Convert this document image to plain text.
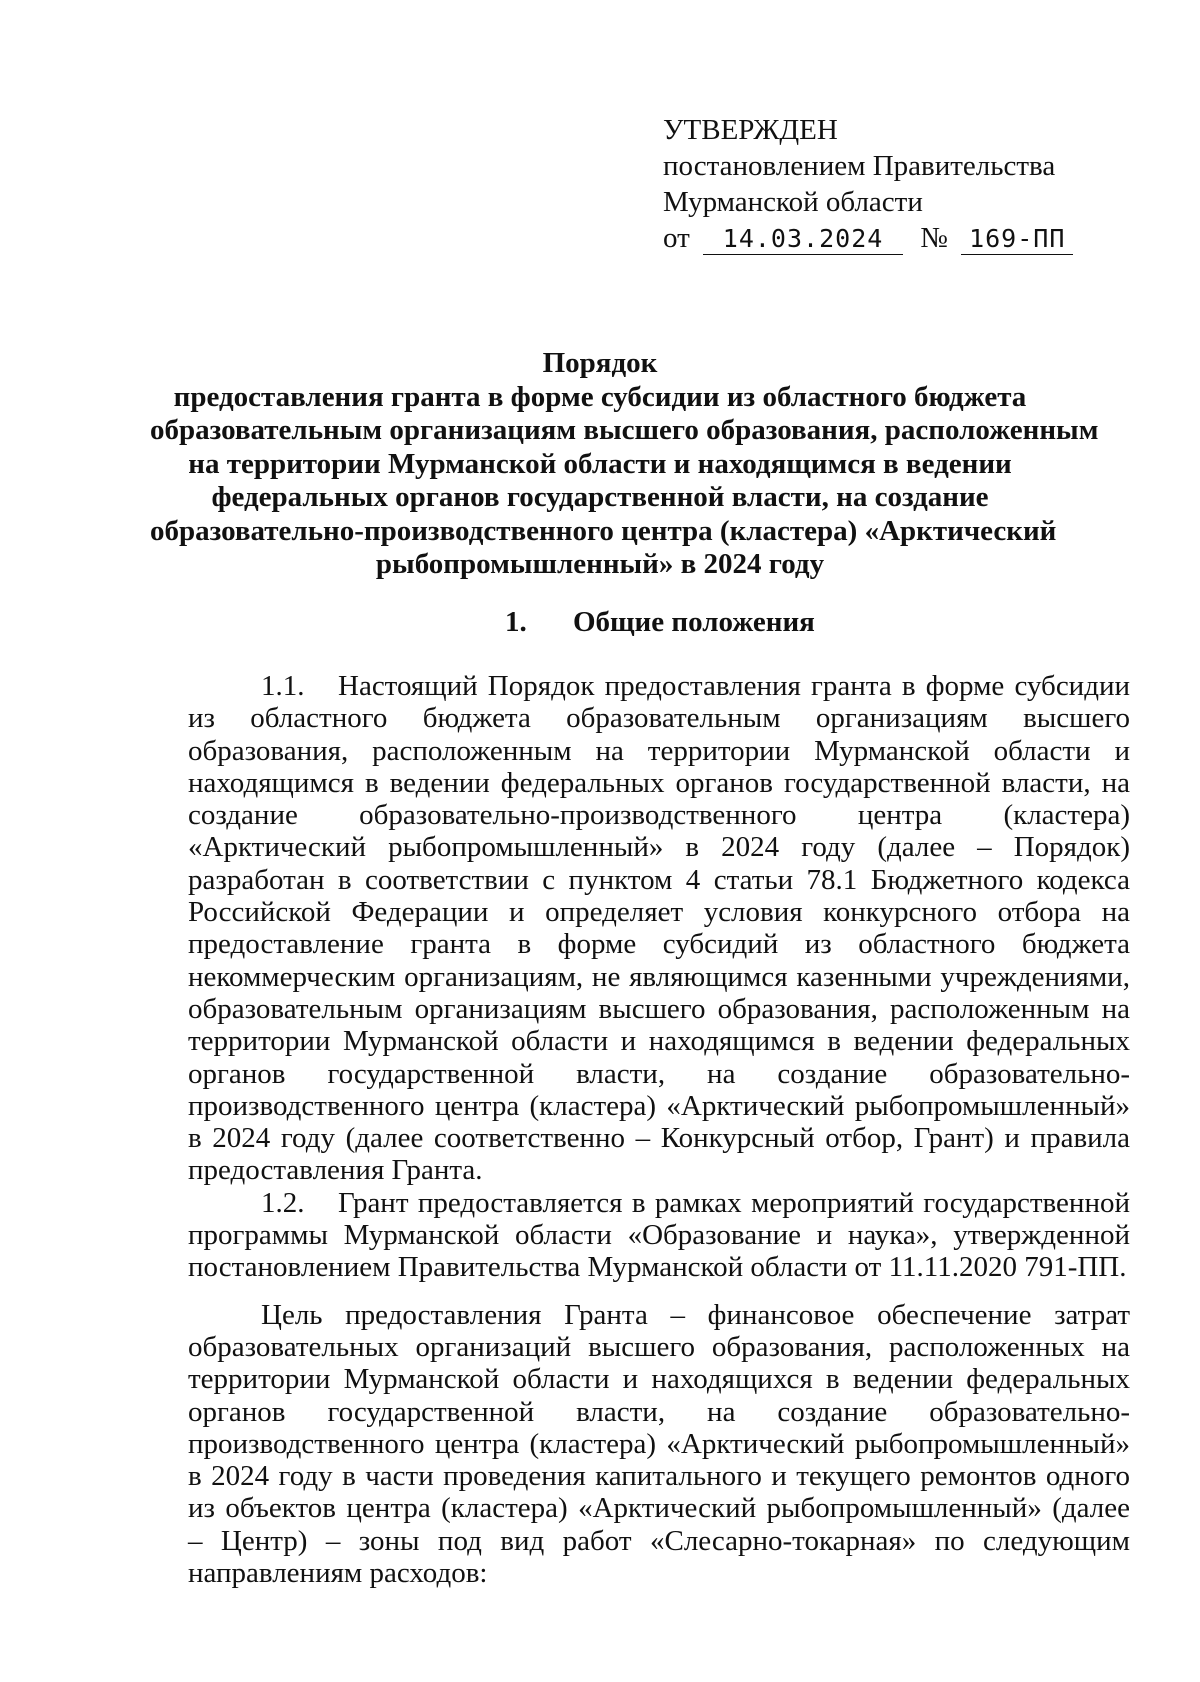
УТВЕРЖДЕН
постановлением Правительства
Мурманской области
от 14.03.2024 № 169-ПП
Порядок
предоставления гранта в форме субсидии из областного бюджета
образовательным организациям высшего образования, расположенным
на территории Мурманской области и находящимся в ведении
федеральных органов государственной власти, на создание
образовательно-производственного центра (кластера) «Арктический
рыбопромышленный» в 2024 году
1. Общие положения

1.1. Настоящий Порядок предоставления гранта в форме субсидии из областного бюджета образовательным организациям высшего образования, расположенным на территории Мурманской области и находящимся в ведении федеральных органов государственной власти, на создание образовательно-производственного центра (кластера) «Арктический рыбопромышленный» в 2024 году (далее – Порядок) разработан в соответствии с пунктом 4 статьи 78.1 Бюджетного кодекса Российской Федерации и определяет условия конкурсного отбора на предоставление гранта в форме субсидий из областного бюджета некоммерческим организациям, не являющимся казенными учреждениями, образовательным организациям высшего образования, расположенным на территории Мурманской области и находящимся в ведении федеральных органов государственной власти, на создание образовательно-производственного центра (кластера) «Арктический рыбопромышленный» в 2024 году (далее соответственно – Конкурсный отбор, Грант) и правила предоставления Гранта.

1.2. Грант предоставляется в рамках мероприятий государственной программы Мурманской области «Образование и наука», утвержденной постановлением Правительства Мурманской области от 11.11.2020 791-ПП.

Цель предоставления Гранта – финансовое обеспечение затрат образовательных организаций высшего образования, расположенных на территории Мурманской области и находящихся в ведении федеральных органов государственной власти, на создание образовательно-производственного центра (кластера) «Арктический рыбопромышленный» в 2024 году в части проведения капитального и текущего ремонтов одного из объектов центра (кластера) «Арктический рыбопромышленный» (далее – Центр) – зоны под вид работ «Слесарно-токарная» по следующим направлениям расходов:
